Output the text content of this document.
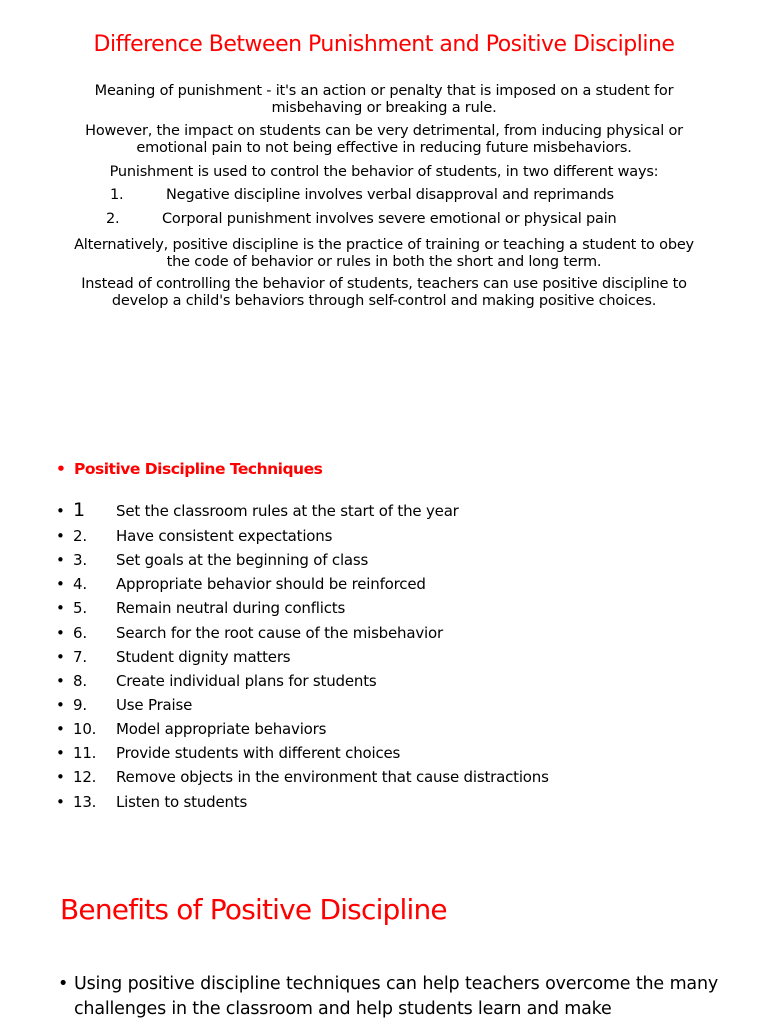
Difference Between Punishment and Positive Discipline
Meaning of punishment - it's an action or penalty that is imposed on a student for
misbehaving or breaking a rule.
However, the impact on students can be very detrimental, from inducing physical or
emotional pain to not being effective in reducing future misbehaviors.
Punishment is used to control the behavior of students, in two different ways:
1.	Negative discipline involves verbal disapproval and reprimands
2.	Corporal punishment involves severe emotional or physical pain
Alternatively, positive discipline is the practice of training or teaching a student to obey
the code of behavior or rules in both the short and long term.
Instead of controlling the behavior of students, teachers can use positive discipline to
develop a child's behaviors through self-control and making positive choices.
• Positive Discipline Techniques
• 1 Set the classroom rules at the start of the year
• 2. Have consistent expectations
• 3. Set goals at the beginning of class
• 4. Appropriate behavior should be reinforced
• 5. Remain neutral during conflicts
• 6. Search for the root cause of the misbehavior
• 7. Student dignity matters
• 8. Create individual plans for students
• 9. Use Praise
• 10. Model appropriate behaviors
• 11. Provide students with different choices
• 12. Remove objects in the environment that cause distractions
• 13. Listen to students
Benefits of Positive Discipline
• Using positive discipline techniques can help teachers overcome the many challenges in the classroom and help students learn and make
